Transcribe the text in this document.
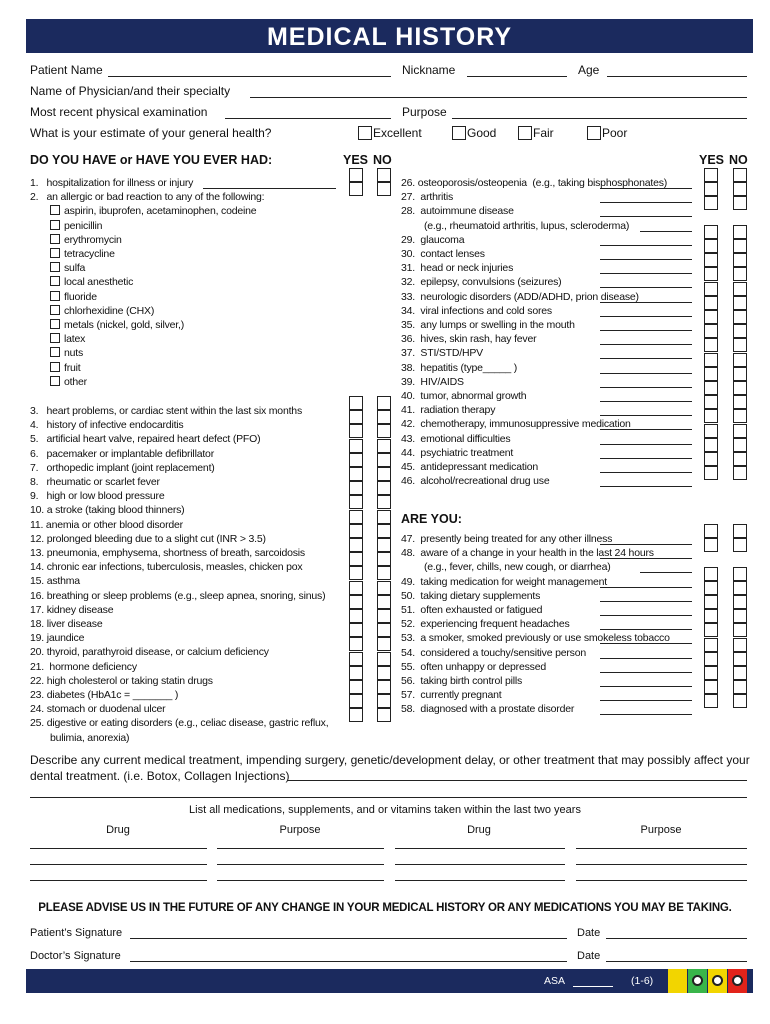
MEDICAL HISTORY
Patient Name	Nickname	Age
Name of Physician/and their specialty
Most recent physical examination	Purpose
What is your estimate of your general health?	Excellent	Good	Fair	Poor
DO YOU HAVE or HAVE YOU EVER HAD:	YES NO	YES NO
1.   hospitalization for illness or injury
2.   an allergic or bad reaction to any of the following:
aspirin, ibuprofen, acetaminophen, codeine
penicillin
erythromycin
tetracycline
sulfa
local anesthetic
fluoride
chlorhexidine (CHX)
metals (nickel, gold, silver,)
latex
nuts
fruit
other
3.   heart problems, or cardiac stent within the last six months
4.   history of infective endocarditis
5.   artificial heart valve, repaired heart defect (PFO)
6.   pacemaker or implantable defibrillator
7.   orthopedic implant (joint replacement)
8.   rheumatic or scarlet fever
9.   high or low blood pressure
10. a stroke (taking blood thinners)
11. anemia or other blood disorder
12. prolonged bleeding due to a slight cut (INR > 3.5)
13. pneumonia, emphysema, shortness of breath, sarcoidosis
14. chronic ear infections, tuberculosis, measles, chicken pox
15. asthma
16. breathing or sleep problems (e.g., sleep apnea, snoring, sinus)
17. kidney disease
18. liver disease
19. jaundice
20. thyroid, parathyroid disease, or calcium deficiency
21.  hormone deficiency
22. high cholesterol or taking statin drugs
23. diabetes (HbA1c = _______ )
24. stomach or duodenal ulcer
25. digestive or eating disorders (e.g., celiac disease, gastric reflux,
bulimia, anorexia)
26. osteoporosis/osteopenia  (e.g., taking bisphosphonates)
27.  arthritis
28.  autoimmune disease
(e.g., rheumatoid arthritis, lupus, scleroderma)
29.  glaucoma
30.  contact lenses
31.  head or neck injuries
32.  epilepsy, convulsions (seizures)
33.  neurologic disorders (ADD/ADHD, prion disease)
34.  viral infections and cold sores
35.  any lumps or swelling in the mouth
36.  hives, skin rash, hay fever
37.  STI/STD/HPV
38.  hepatitis (type_____ )
39.  HIV/AIDS
40.  tumor, abnormal growth
41.  radiation therapy
42.  chemotherapy, immunosuppressive medication
43.  emotional difficulties
44.  psychiatric treatment
45.  antidepressant medication
46.  alcohol/recreational drug use
47.  presently being treated for any other illness
48.  aware of a change in your health in the last 24 hours
(e.g., fever, chills, new cough, or diarrhea)
49.  taking medication for weight management
50.  taking dietary supplements
51.  often exhausted or fatigued
52.  experiencing frequent headaches
53.  a smoker, smoked previously or use smokeless tobacco
54.  considered a touchy/sensitive person
55.  often unhappy or depressed
56.  taking birth control pills
57.  currently pregnant
58.  diagnosed with a prostate disorder
ARE YOU:
Describe any current medical treatment, impending surgery, genetic/development delay, or other treatment that may possibly affect your
dental treatment. (i.e. Botox, Collagen Injections)
List all medications, supplements, and or vitamins taken within the last two years
Drug	Purpose	Drug	Purpose
PLEASE ADVISE US IN THE FUTURE OF ANY CHANGE IN YOUR MEDICAL HISTORY OR ANY MEDICATIONS YOU MAY BE TAKING.
Patient’s Signature	Date
Doctor’s Signature	Date
ASA	(1-6)
